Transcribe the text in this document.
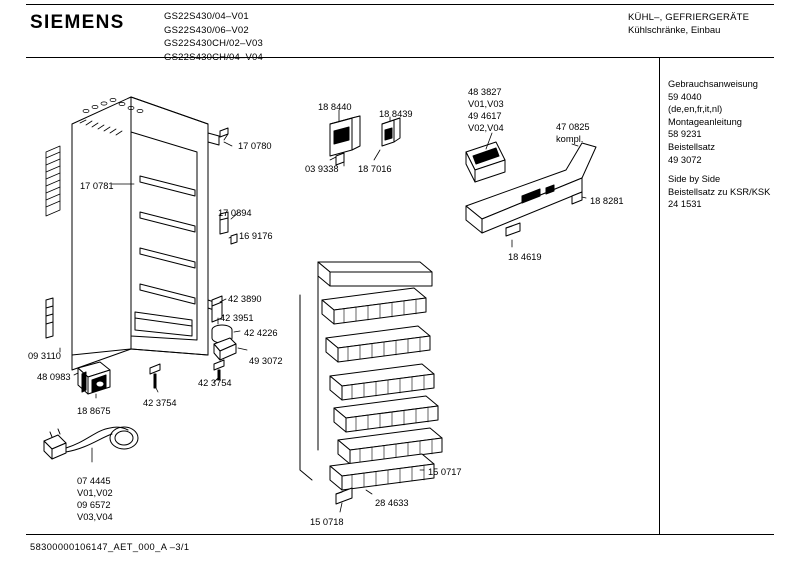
SIEMENS	GS22S430/04–V01
GS22S430/06–V02
GS22S430CH/02–V03
GS22S430CH/04–V04
KÜHL–, GEFRIERGERÄTE
Kühlschränke, Einbau
Gebrauchsanweisung
59 4040
(de,en,fr,it,nl)
Montageanleitung
58 9231
Beistellsatz
49 3072
Side by Side
Beistellsatz zu KSR/KSK
24 1531
58300000106147_AET_000_A –3/1
17 0780
18 8440
18 8439
03 9338 18 7016
17 0781
17 0894
16 9176
48 3827
V01,V03
49 4617
V02,V04	47 0825
kompl.
18 8281
18 4619
42 3890
42 3951
42 4226
49 3072
42 3754
42 3754
09 3110
48 0983
18 8675
15 0717
28 4633
15 0718
07 4445
V01,V02
09 6572
V03,V04
